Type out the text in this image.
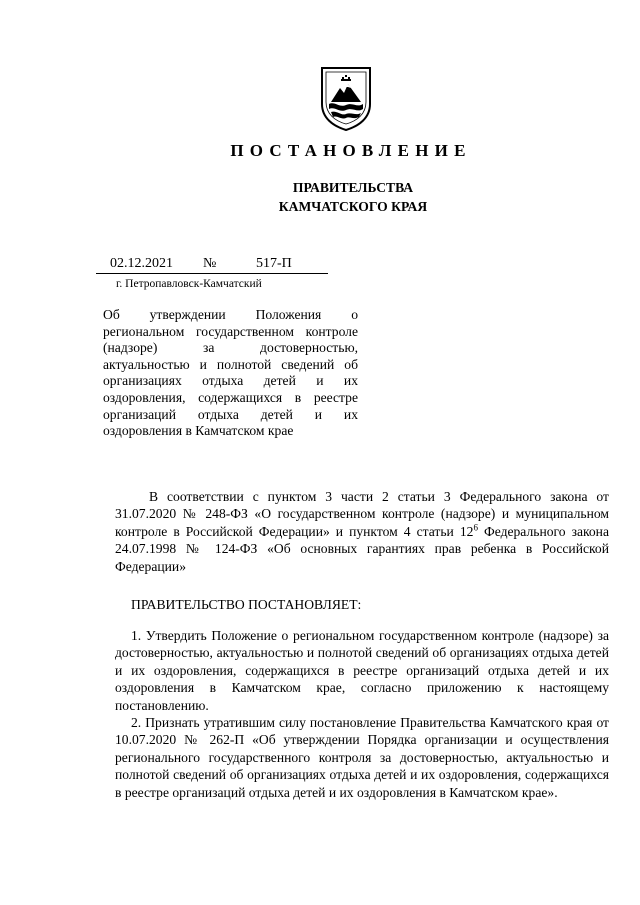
ПОСТАНОВЛЕНИЕ
ПРАВИТЕЛЬСТВА
КАМЧАТСКОГО КРАЯ
02.12.2021 №	517-П
г. Петропавловск-Камчатский

Об утверждении Положения о региональном государственном контроле (надзоре) за достоверностью, актуальностью и полнотой сведений об организациях отдыха детей и их оздоровления, содержащихся в реестре организаций отдыха детей и их оздоровления в Камчатском крае

В соответствии с пунктом 3 части 2 статьи 3 Федерального закона от 31.07.2020 № 248-ФЗ «О государственном контроле (надзоре) и муниципальном контроле в Российской Федерации» и пунктом 4 статьи $12^6$ Федерального закона 24.07.1998 № 124-ФЗ «Об основных гарантиях прав ребенка в Российской Федерации»

ПРАВИТЕЛЬСТВО ПОСТАНОВЛЯЕТ:

1. Утвердить Положение о региональном государственном контроле (надзоре) за достоверностью, актуальностью и полнотой сведений об организациях отдыха детей и их оздоровления, содержащихся в реестре организаций отдыха детей и их оздоровления в Камчатском крае, согласно приложению к настоящему постановлению.

2. Признать утратившим силу постановление Правительства Камчатского края от 10.07.2020 № 262-П «Об утверждении Порядка организации и осуществления регионального государственного контроля за достоверностью, актуальностью и полнотой сведений об организациях отдыха детей и их оздоровления, содержащихся в реестре организаций отдыха детей и их оздоровления в Камчатском крае».
